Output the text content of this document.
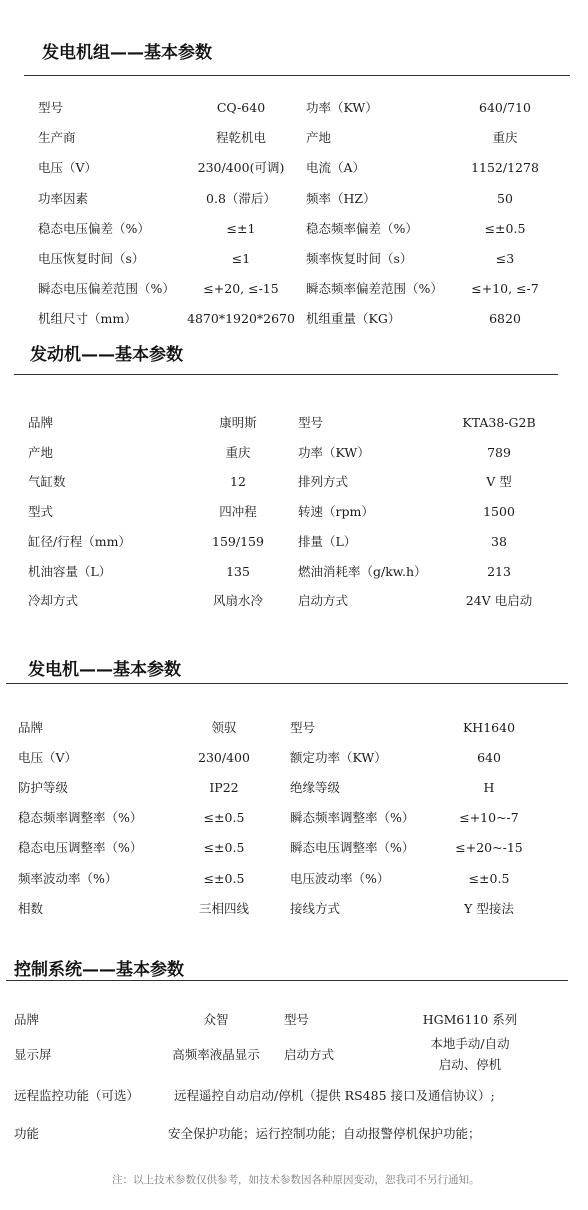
发电机组——基本参数
型号	CQ-640	功率（KW）	640/710
生产商	程乾机电	产地	重庆
电压（V）	230/400(可调)	电流（A）	1152/1278
功率因素	0.8（滞后）	频率（HZ）	50
稳态电压偏差（%）	≤±1	稳态频率偏差（%）	≤±0.5
电压恢复时间（s）	≤1	频率恢复时间（s）	≤3
瞬态电压偏差范围（%）	≤+20, ≤-15	瞬态频率偏差范围（%）	≤+10, ≤-7
机组尺寸（mm）	4870*1920*2670 机组重量（KG）	6820
发动机——基本参数
品牌	康明斯	型号	KTA38-G2B
产地	重庆	功率（KW）	789
气缸数	12	排列方式	V 型
型式	四冲程	转速（rpm）	1500
缸径/行程（mm）	159/159	排量（L）	38
机油容量（L）	135	燃油消耗率（g/kw.h）	213
冷却方式	风扇水冷	启动方式	24V 电启动
发电机——基本参数
品牌	领驭	型号	KH1640
电压（V）	230/400	额定功率（KW）	640
防护等级	IP22	绝缘等级	H
稳态频率调整率（%）	≤±0.5	瞬态频率调整率（%）	≤+10~-7
稳态电压调整率（%）	≤±0.5	瞬态电压调整率（%）	≤+20~-15
频率波动率（%）	≤±0.5	电压波动率（%）	≤±0.5
相数	三相四线	接线方式	Y 型接法
控制系统——基本参数
品牌	众智	型号	HGM6110 系列
显示屏	高频率液晶显示	启动方式
本地手动/自动
启动、停机
远程监控功能（可选）	远程遥控自动启动/停机（提供 RS485 接口及通信协议）;
功能	安全保护功能；运行控制功能；自动报警停机保护功能；
注：以上技术参数仅供参考，如技术参数因各种原因变动，恕我司不另行通知。
